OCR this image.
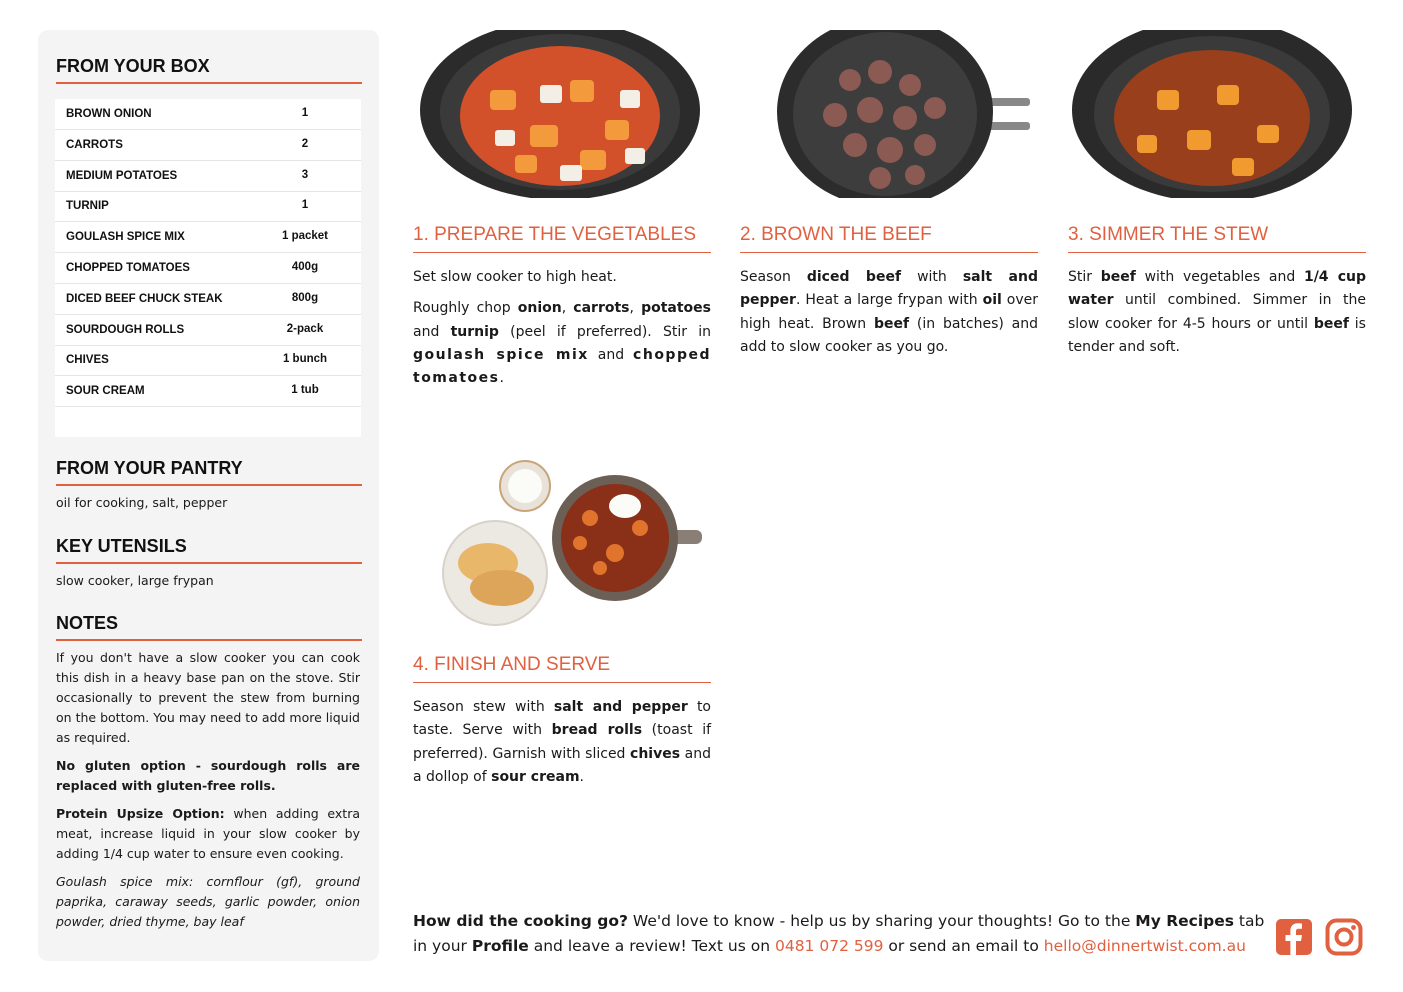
FROM YOUR BOX
BROWN ONION	1
CARROTS	2
MEDIUM POTATOES	3
TURNIP	1
GOULASH SPICE MIX	1 packet
CHOPPED TOMATOES	400g
DICED BEEF CHUCK STEAK	800g
SOURDOUGH ROLLS	2-pack
CHIVES	1 bunch
SOUR CREAM	1 tub
FROM YOUR PANTRY
oil for cooking, salt, pepper
KEY UTENSILS
slow cooker, large frypan
NOTES
If you don't have a slow cooker you can cook this dish in a heavy base pan on the stove. Stir occasionally to prevent the stew from burning on the bottom. You may need to add more liquid as required.
No gluten option - sourdough rolls are replaced with gluten-free rolls.
Protein Upsize Option: when adding extra meat, increase liquid in your slow cooker by adding 1/4 cup water to ensure even cooking.
Goulash spice mix: cornflour (gf), ground paprika, caraway seeds, garlic powder, onion powder, dried thyme, bay leaf
1. PREPARE THE VEGETABLES

Set slow cooker to high heat.

Roughly chop onion, carrots, potatoes and turnip (peel if preferred). Stir in goulash spice mix and chopped tomatoes.

2. BROWN THE BEEF

Season diced beef with salt and pepper. Heat a large frypan with oil over high heat. Brown beef (in batches) and add to slow cooker as you go.

3. SIMMER THE STEW

Stir beef with vegetables and 1/4 cup water until combined. Simmer in the slow cooker for 4-5 hours or until beef is tender and soft.

4. FINISH AND SERVE

Season stew with salt and pepper to taste. Serve with bread rolls (toast if preferred). Garnish with sliced chives and a dollop of sour cream.

How did the cooking go? We'd love to know - help us by sharing your thoughts! Go to the My Recipes tab in your Profile and leave a review! Text us on 0481 072 599 or send an email to hello@dinnertwist.com.au
